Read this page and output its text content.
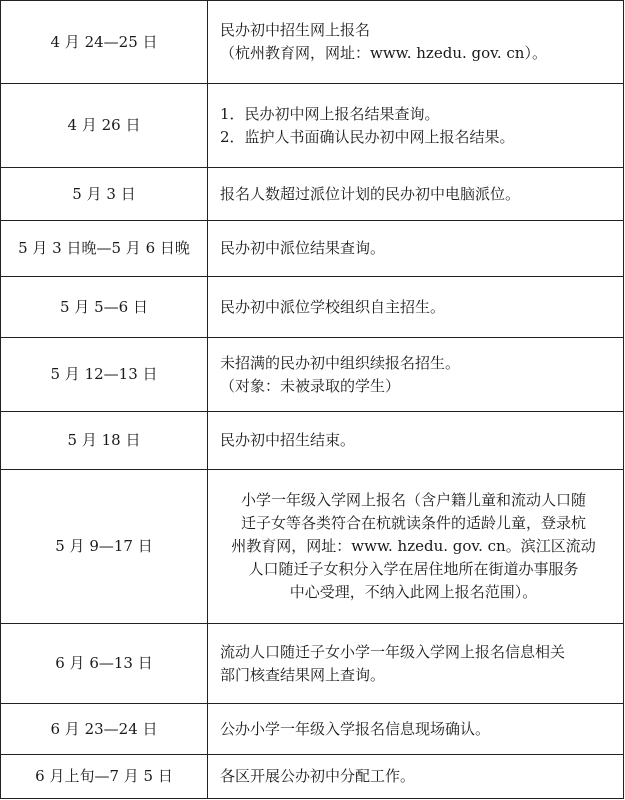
4 月 24—25 日	民办初中招生网上报名
（杭州教育网，网址：www. hzedu. gov. cn）。

4 月 26 日	1．民办初中网上报名结果查询。
2．监护人书面确认民办初中网上报名结果。

5 月 3 日	报名人数超过派位计划的民办初中电脑派位。

5 月 3 日晚—5 月 6 日晚	民办初中派位结果查询。

5 月 5—6 日	民办初中派位学校组织自主招生。

5 月 12—13 日	未招满的民办初中组织续报名招生。
（对象：未被录取的学生）

5 月 18 日	民办初中招生结束。

5 月 9—17 日	小学一年级入学网上报名（含户籍儿童和流动人口随
迁子女等各类符合在杭就读条件的适龄儿童，登录杭
州教育网，网址：www. hzedu. gov. cn。滨江区流动
人口随迁子女积分入学在居住地所在街道办事服务
中心受理，不纳入此网上报名范围）。

6 月 6—13 日	流动人口随迁子女小学一年级入学网上报名信息相关
部门核查结果网上查询。

6 月 23—24 日	公办小学一年级入学报名信息现场确认。

6 月上旬—7 月 5 日	各区开展公办初中分配工作。
